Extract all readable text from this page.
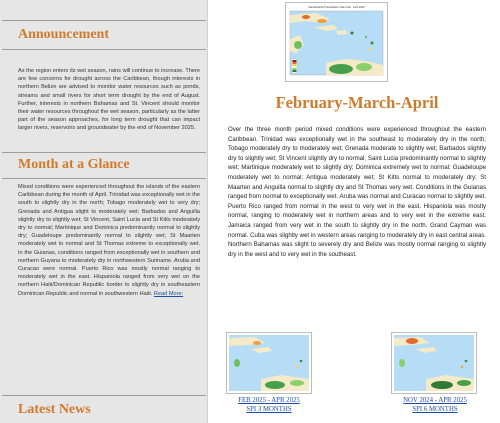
Announcement

As the region enters its wet season, rains will continue to increase. There are few concerns for drought across the Caribbean, though interests in northern Belize are advised to monitor water resources such as ponds, streams and small rivers for short term drought by the end of August. Further, interests in northern Bahamas and St. Vincent should monitor their water resources throughout the wet season, particularly as the latter part of the season approaches, for long term drought that can impact larger rivers, reservoirs and groundwater by the end of November 2025.

Month at a Glance

Mixed conditions were experienced throughout the islands of the eastern Caribbean during the month of April. Trinidad was exceptionally wet in the south to slightly dry in the north; Tobago moderately wet to very dry; Grenada and Antigua slight to moderately wet; Barbados and Anguilla slightly dry to slightly wet; St Vincent, Saint Lucia and St Kitts moderately dry to normal; Martinique and Dominica predominantly normal to slightly dry; Guadeloupe predominantly normal to slightly wet; St Maarten moderately wet to normal and St Thomas extreme to exceptionally wet. In the Guianas, conditions ranged from exceptionally wet in southern and northern Guyana to moderately dry in northwestern Suriname. Aruba and Curacao were normal. Puerto Rico was mostly normal ranging to moderately wet in the east. Hispaniola ranged from very wet on the northern Haiti/Dominican Republic border to slightly dry in southeastern Dominican Republic and normal in southwestern Haiti. Read More:

Latest News
Standardized Precipitation Index Feb - April 2025
February-March-April

Over the three month period mixed conditions were experienced throughout the eastern Caribbean. Trinidad was exceptionally wet in the southeast to moderately dry in the north; Tobago moderately dry to moderately wet; Grenada moderate to slightly wet; Barbados slightly dry to slightly wet; St Vincent slightly dry to normal; Saint Lucia predominantly normal to slightly wet; Martinique moderately wet to slightly dry; Dominica extremely wet to normal; Guadeloupe moderately wet to normal; Antigua moderately wet; St Kitts normal to moderately dry; St Maarten and Anguilla normal to slightly dry and St Thomas very wet. Conditions in the Guianas ranged from normal to exceptionally wet. Aruba was normal and Curacao normal to slightly wet. Puerto Rico ranged from normal in the west to very wet in the east. Hispaniola was mostly normal, ranging to moderately wet in northern areas and to very wet in the extreme east. Jamaica ranged from very wet in the south to slightly dry in the north. Grand Cayman was normal. Cuba was slightly wet in western areas ranging to moderately dry in east central areas. Northern Bahamas was slight to severely dry and Belize was mostly normal ranging to slightly dry in the west and to very wet in the southeast.

FEB 2025 - APR 2025
SPI 3 MONTHS
NOV 2024 - APR 2025
SPI 6 MONTHS
